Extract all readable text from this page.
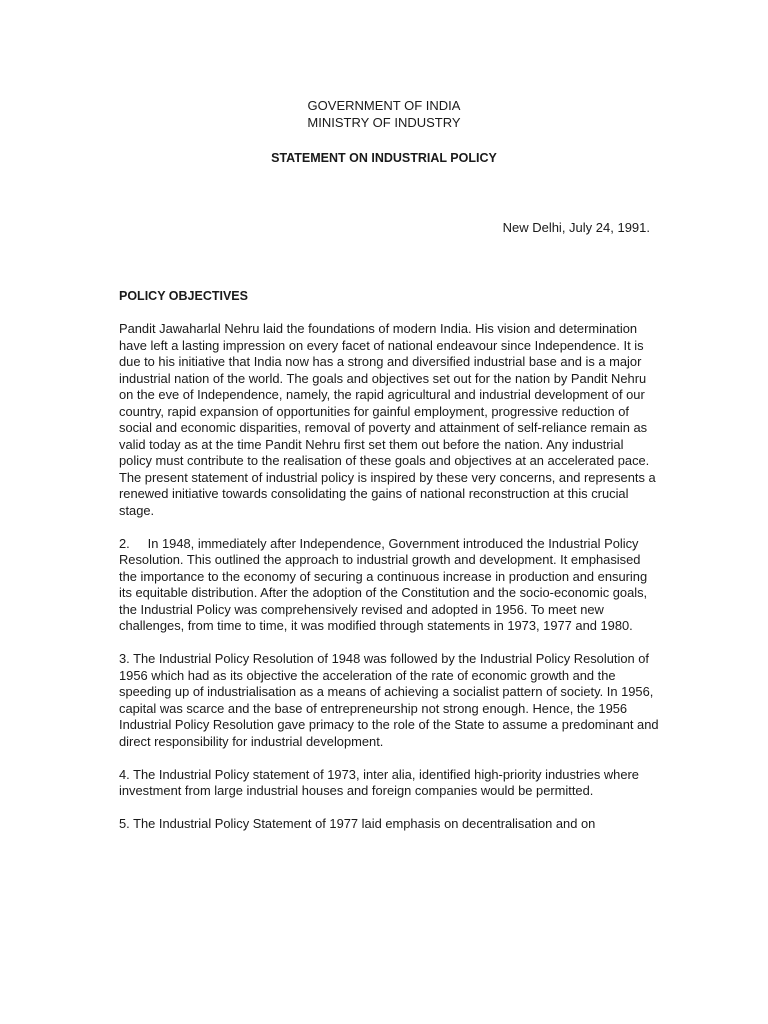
GOVERNMENT OF INDIA
MINISTRY OF INDUSTRY
STATEMENT ON INDUSTRIAL POLICY
New Delhi, July 24, 1991.
POLICY OBJECTIVES

Pandit Jawaharlal Nehru laid the foundations of modern India. His vision and determination have left a lasting impression on every facet of national endeavour since Independence. It is due to his initiative that India now has a strong and diversified industrial base and is a major industrial nation of the world. The goals and objectives set out for the nation by Pandit Nehru on the eve of Independence, namely, the rapid agricultural and industrial development of our country, rapid expansion of opportunities for gainful employment, progressive reduction of social and economic disparities, removal of poverty and attainment of self-reliance remain as valid today as at the time Pandit Nehru first set them out before the nation. Any industrial policy must contribute to the realisation of these goals and objectives at an accelerated pace. The present statement of industrial policy is inspired by these very concerns, and represents a renewed initiative towards consolidating the gains of national reconstruction at this crucial stage.

2.     In 1948, immediately after Independence, Government introduced the Industrial Policy Resolution. This outlined the approach to industrial growth and development. It emphasised the importance to the economy of securing a continuous increase in production and ensuring its equitable distribution. After the adoption of the Constitution and the socio-economic goals, the Industrial Policy was comprehensively revised and adopted in 1956. To meet new challenges, from time to time, it was modified through statements in 1973, 1977 and 1980.

3. The Industrial Policy Resolution of 1948 was followed by the Industrial Policy Resolution of 1956 which had as its objective the acceleration of the rate of economic growth and the speeding up of industrialisation as a means of achieving a socialist pattern of society. In 1956, capital was scarce and the base of entrepreneurship not strong enough. Hence, the 1956 Industrial Policy Resolution gave primacy to the role of the State to assume a predominant and direct responsibility for industrial development.

4. The Industrial Policy statement of 1973, inter alia, identified high-priority industries where investment from large industrial houses and foreign companies would be permitted.

5. The Industrial Policy Statement of 1977 laid emphasis on decentralisation and on
